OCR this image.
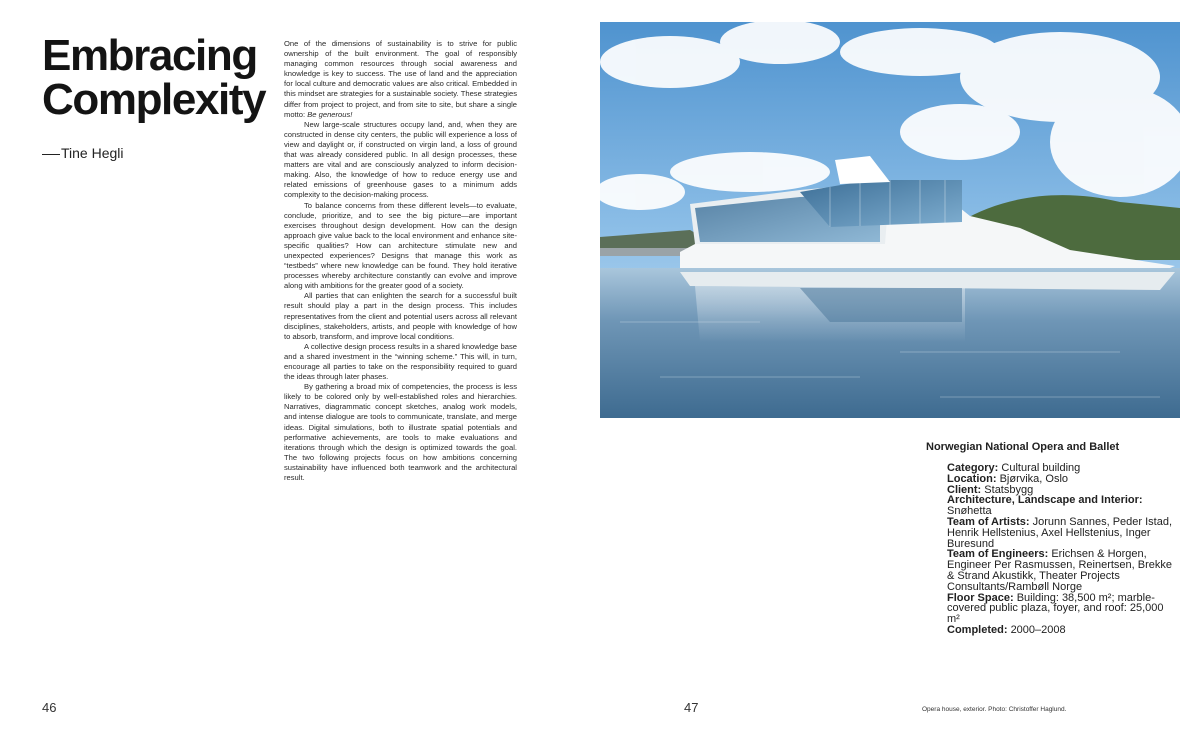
Embracing
Complexity
Tine Hegli

One of the dimensions of sustainability is to strive for public ownership of the built environment. The goal of responsibly managing common resources through social awareness and knowledge is key to success. The use of land and the appreciation for local culture and democratic values are also critical. Embedded in this mindset are strategies for a sustainable society. These strategies differ from project to project, and from site to site, but share a single motto: Be generous!

New large-scale structures occupy land, and, when they are constructed in dense city centers, the public will experience a loss of view and daylight or, if constructed on virgin land, a loss of ground that was already considered public. In all design processes, these matters are vital and are consciously analyzed to inform decision-making. Also, the knowledge of how to reduce energy use and related emissions of greenhouse gases to a minimum adds complexity to the decision-making process.

To balance concerns from these different levels—to evaluate, conclude, prioritize, and to see the big picture—are important exercises throughout design development. How can the design approach give value back to the local environment and enhance site-specific qualities? How can architecture stimulate new and unexpected experiences? Designs that manage this work as “testbeds” where new knowledge can be found. They hold iterative processes whereby architecture constantly can evolve and improve along with ambitions for the greater good of a society.

All parties that can enlighten the search for a successful built result should play a part in the design process. This includes representatives from the client and potential users across all relevant disciplines, stakeholders, artists, and people with knowledge of how to absorb, transform, and improve local conditions.

A collective design process results in a shared knowledge base and a shared investment in the “winning scheme.” This will, in turn, encourage all parties to take on the responsibility required to guard the ideas through later phases.

By gathering a broad mix of competencies, the process is less likely to be colored only by well-established roles and hierarchies. Narratives, diagrammatic concept sketches, analog work models, and intense dialogue are tools to communicate, translate, and merge ideas. Digital simulations, both to illustrate spatial potentials and performative achievements, are tools to make evaluations and iterations through which the design is optimized towards the goal. The two following projects focus on how ambitions concerning sustainability have influenced both teamwork and the architectural result.

46	47
Norwegian National Opera and Ballet
Category: Cultural building
Location: Bjørvika, Oslo
Client: Statsbygg
Architecture, Landscape and Interior: Snøhetta
Team of Artists: Jorunn Sannes, Peder Istad, Henrik Hellstenius, Axel Hellstenius, Inger Buresund
Team of Engineers: Erichsen & Horgen, Engineer Per Rasmussen, Reinertsen, Brekke & Strand Akustikk, Theater Projects Consultants/Rambøll Norge
Floor Space: Building: 38,500 m²; marble-covered public plaza, foyer, and roof: 25,000 m²
Completed: 2000–2008
Opera house, exterior. Photo: Christoffer Haglund.
